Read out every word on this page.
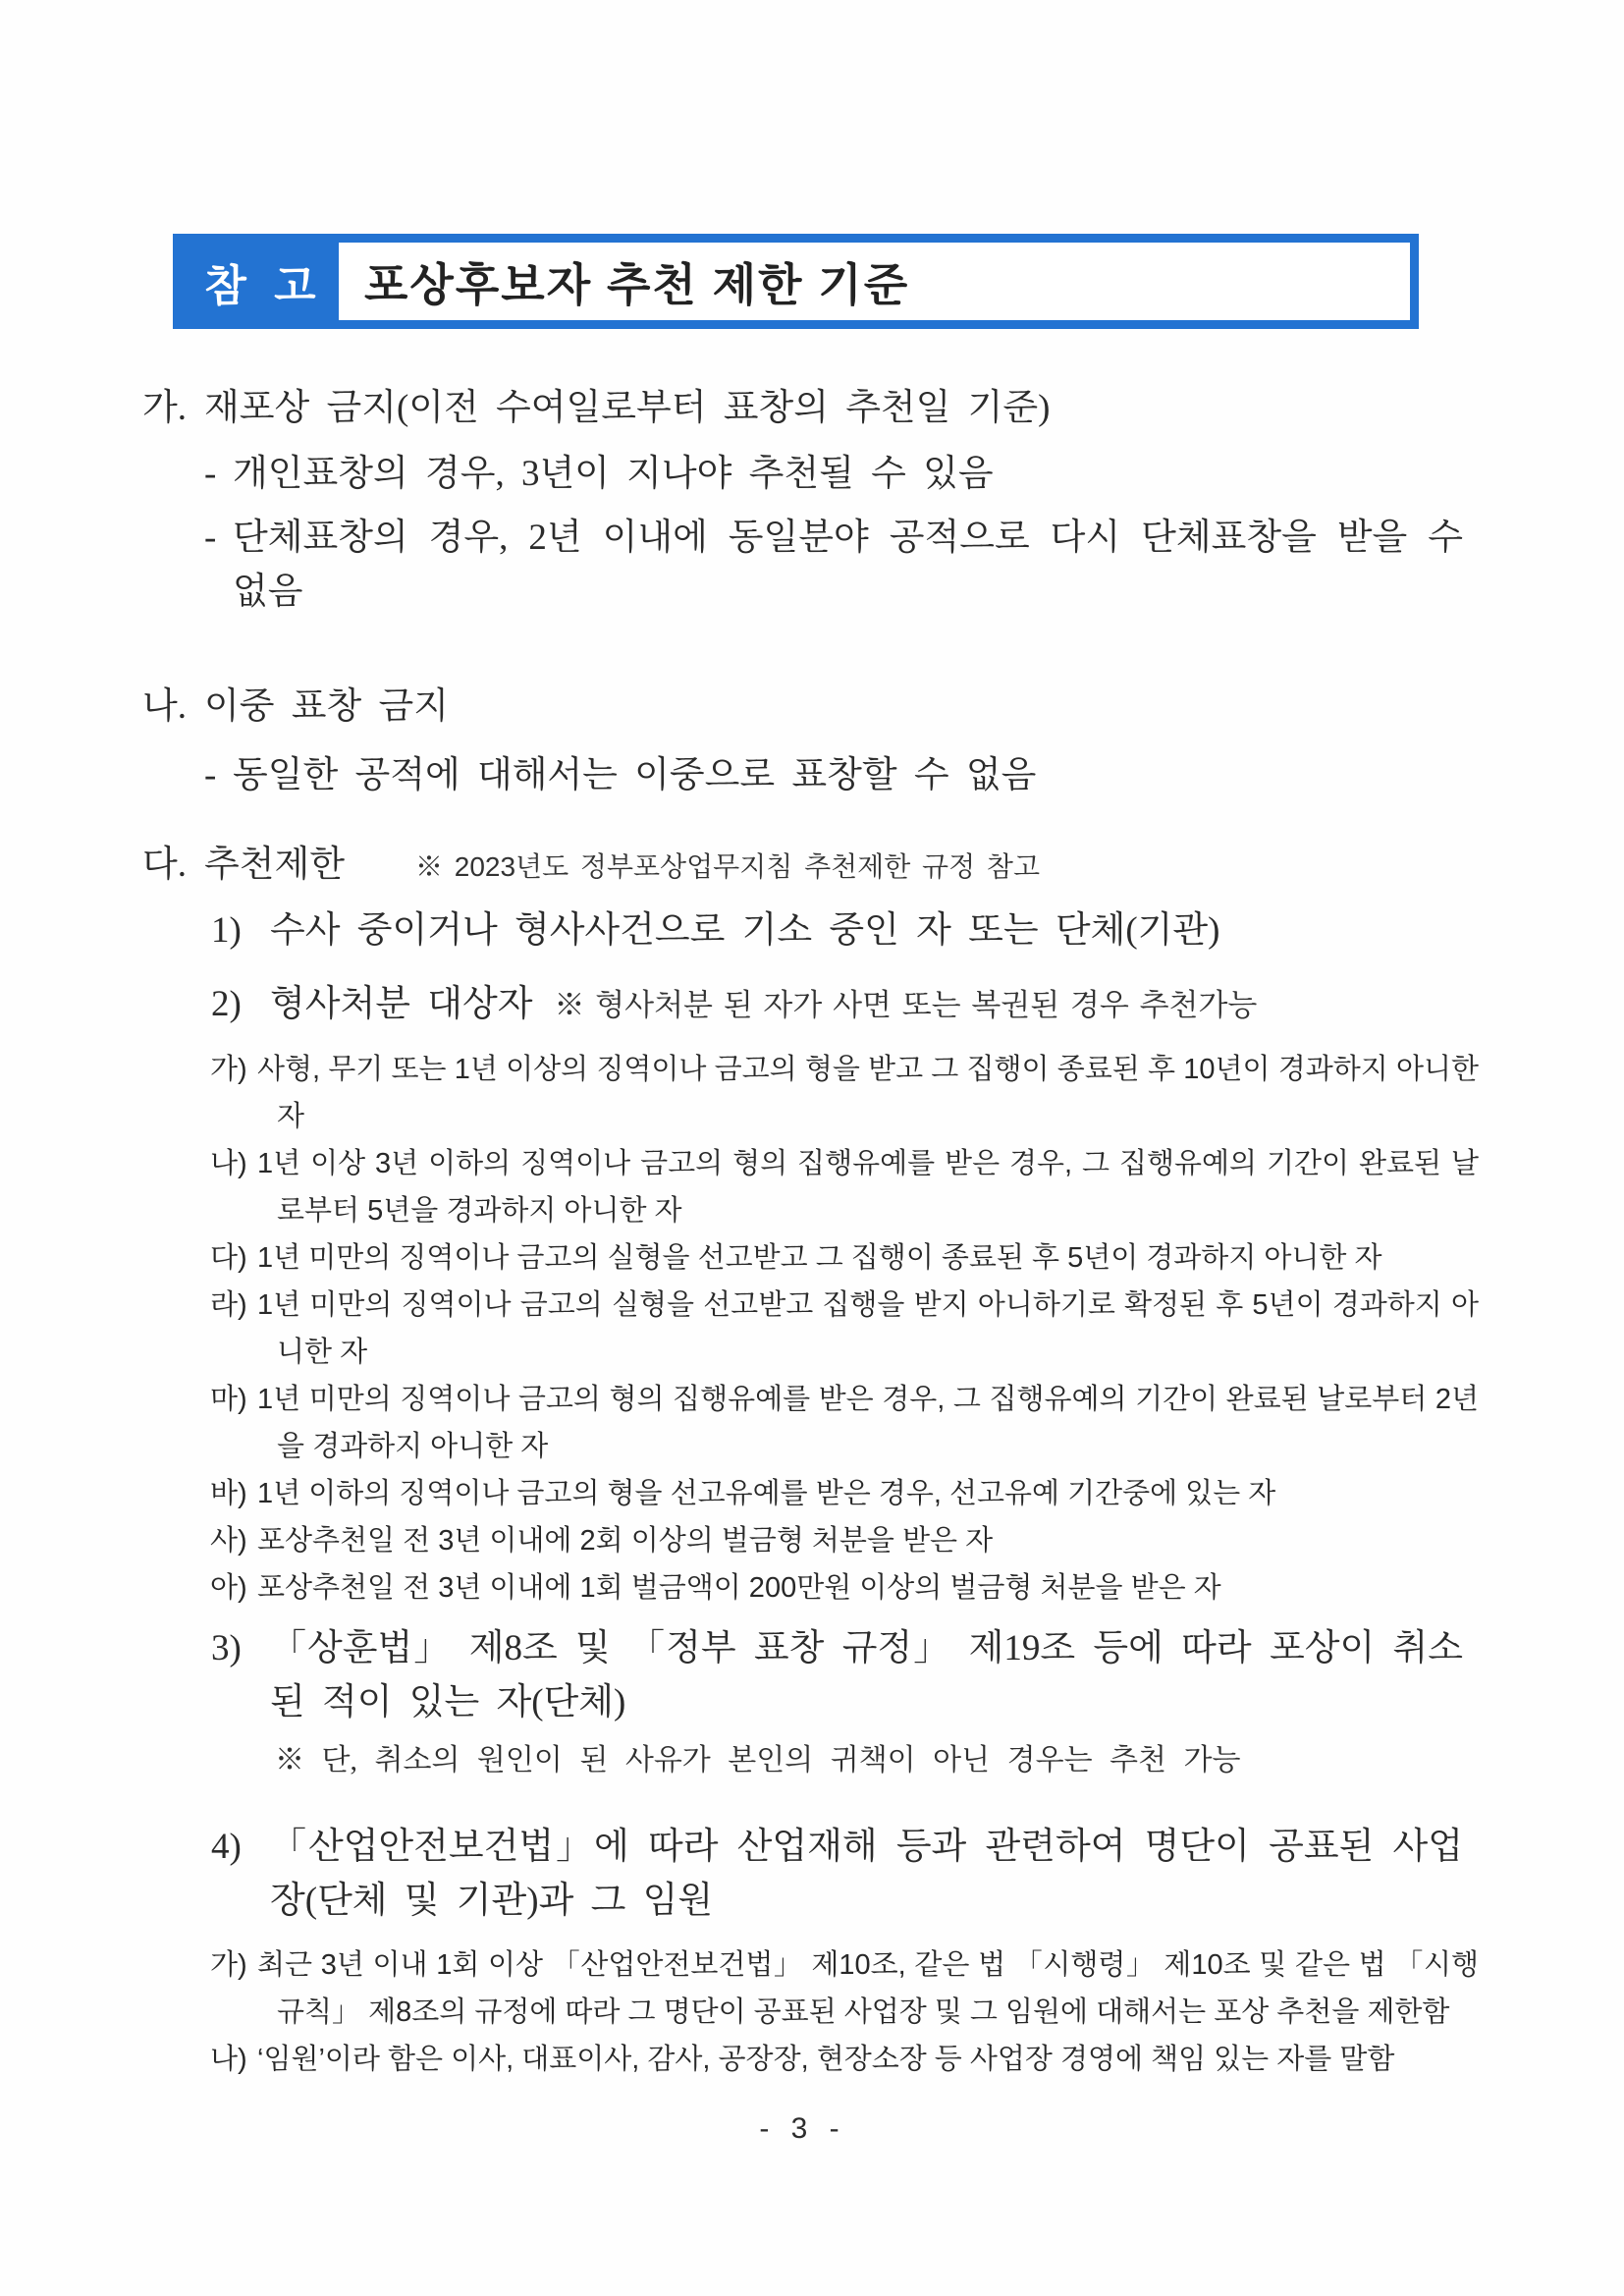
참 고 포상후보자 추천 제한 기준
가. 재포상 금지(이전 수여일로부터 표창의 추천일 기준)
- 개인표창의 경우, 3년이 지나야 추천될 수 있음
- 단체표창의 경우, 2년 이내에 동일분야 공적으로 다시 단체표창을 받을 수 없음
나. 이중 표창 금지
- 동일한 공적에 대해서는 이중으로 표창할 수 없음
다. 추천제한	※ 2023년도 정부포상업무지침 추천제한 규정 참고
1) 수사 중이거나 형사사건으로 기소 중인 자 또는 단체(기관)
2) 형사처분 대상자 ※ 형사처분 된 자가 사면 또는 복권된 경우 추천가능
가) 사형, 무기 또는 1년 이상의 징역이나 금고의 형을 받고 그 집행이 종료된 후 10년이 경과하지 아니한 자
나) 1년 이상 3년 이하의 징역이나 금고의 형의 집행유예를 받은 경우, 그 집행유예의 기간이 완료된 날로부터 5년을 경과하지 아니한 자
다) 1년 미만의 징역이나 금고의 실형을 선고받고 그 집행이 종료된 후 5년이 경과하지 아니한 자
라) 1년 미만의 징역이나 금고의 실형을 선고받고 집행을 받지 아니하기로 확정된 후 5년이 경과하지 아니한 자
마) 1년 미만의 징역이나 금고의 형의 집행유예를 받은 경우, 그 집행유예의 기간이 완료된 날로부터 2년을 경과하지 아니한 자
바) 1년 이하의 징역이나 금고의 형을 선고유예를 받은 경우, 선고유예 기간중에 있는 자
사) 포상추천일 전 3년 이내에 2회 이상의 벌금형 처분을 받은 자
아) 포상추천일 전 3년 이내에 1회 벌금액이 200만원 이상의 벌금형 처분을 받은 자
3) 「상훈법」 제8조 및 「정부 표창 규정」 제19조 등에 따라 포상이 취소된 적이 있는 자(단체)
※ 단, 취소의 원인이 된 사유가 본인의 귀책이 아닌 경우는 추천 가능
4) 「산업안전보건법」에 따라 산업재해 등과 관련하여 명단이 공표된 사업장(단체 및 기관)과 그 임원
가) 최근 3년 이내 1회 이상 「산업안전보건법」 제10조, 같은 법 「시행령」 제10조 및 같은 법 「시행규칙」 제8조의 규정에 따라 그 명단이 공표된 사업장 및 그 임원에 대해서는 포상 추천을 제한함
나) ‘임원’이라 함은 이사, 대표이사, 감사, 공장장, 현장소장 등 사업장 경영에 책임 있는 자를 말함
- 3 -
